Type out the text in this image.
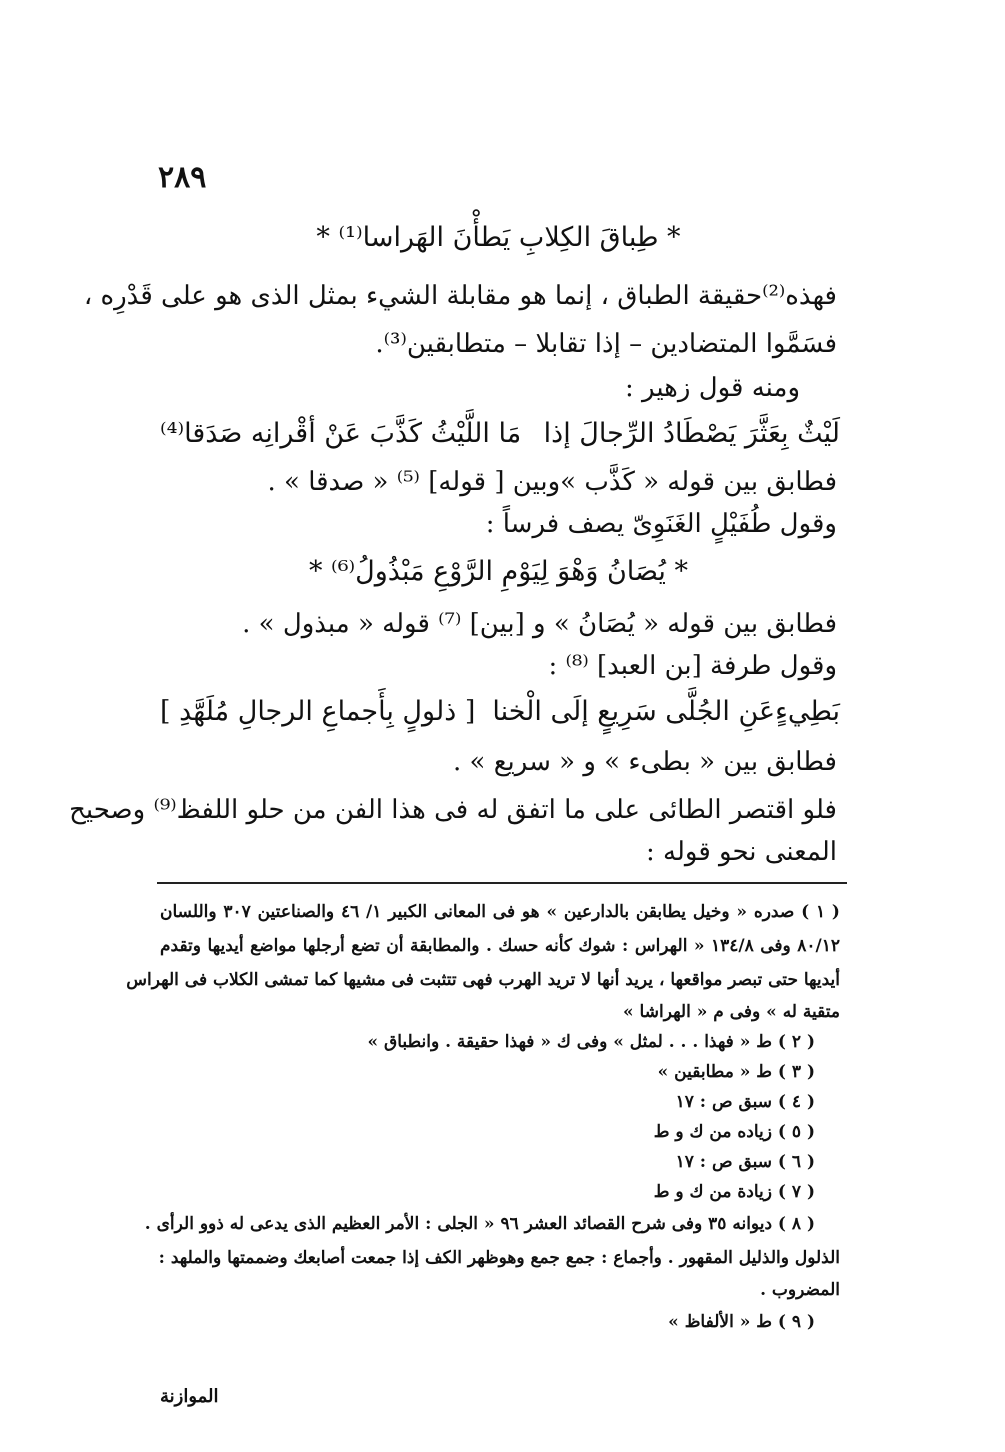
٢٨٩
* طِباقَ الكِلابِ يَطأْنَ الهَراسا⁽¹⁾ *
فهذه⁽²⁾حقيقة الطباق ، إنما هو مقابلة الشيء بمثل الذى هو على قَدْرِه ،
فسَمَّوا المتضادين – إذا تقابلا – متطابقين⁽³⁾.
ومنه قول زهير :
لَيْثٌ بِعَثَّرَ يَصْطَادُ الرِّجالَ إذا
مَا اللَّيْثُ كَذَّبَ عَنْ أقْرانِه صَدَقا⁽⁴⁾
فطابق بين قوله « كَذَّب »وبين [ قوله] ⁽⁵⁾ « صدقا » .
وقول طُفَيْلٍ الغَنَوِىّ يصف فرساً :
* يُصَانُ وَهْوَ لِيَوْمِ الرَّوْعِ مَبْذُولُ⁽⁶⁾ *
فطابق بين قوله « يُصَانُ » و [بين] ⁽⁷⁾ قوله « مبذول » .
وقول طرفة [بن العبد] ⁽⁸⁾ :
بَطِيءٍعَنِ الجُلَّى سَرِيعٍ إلَى الْخنا
[ ذلولٍ بِأَجماعِ الرجالِ مُلَهَّدِ ]
فطابق بين « بطىء » و « سريع » .
فلو اقتصر الطائى على ما اتفق له فى هذا الفن من حلو اللفظ⁽⁹⁾ وصحيح
المعنى نحو قوله :
( ١ ) صدره « وخيل يطابقن بالدارعين » هو فى المعانى الكبير ١/ ٤٦ والصناعتين ٣٠٧ واللسان
٨٠/١٢ وفى ١٣٤/٨ « الهراس : شوك كأنه حسك . والمطابقة أن تضع أرجلها مواضع أيديها وتقدم
أيديها حتى تبصر مواقعها ، يريد أنها لا تريد الهرب فهى تتثبت فى مشيها كما تمشى الكلاب فى الهراس
متقية له » وفى م « الهراشا »
( ٢ ) ط « فهذا . . . لمثل » وفى ك « فهذا حقيقة . وانطباق »
( ٣ ) ط « مطابقين »
( ٤ ) سبق ص : ١٧
( ٥ ) زياده من ك و ط
( ٦ ) سبق ص : ١٧
( ٧ ) زيادة من ك و ط
( ٨ ) ديوانه ٣٥ وفى شرح القصائد العشر ٩٦ « الجلى : الأمر العظيم الذى يدعى له ذوو الرأى .
الذلول والذليل المقهور . وأجماع : جمع جمع وهوظهر الكف إذا جمعت أصابعك وضممتها والملهد :
المضروب .
( ٩ ) ط « الألفاظ »
الموازنة
